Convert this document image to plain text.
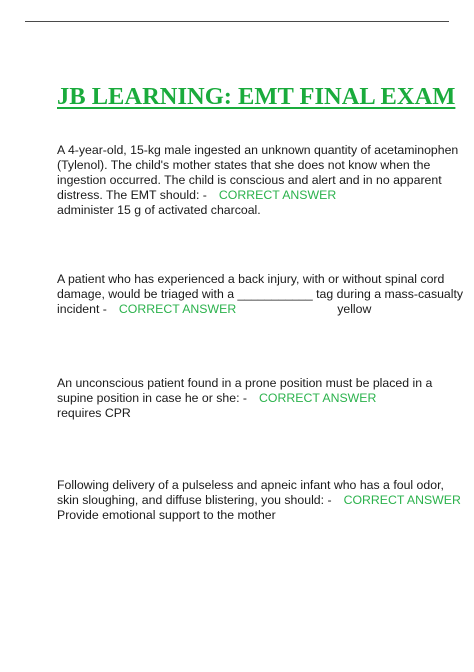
JB LEARNING: EMT FINAL EXAM
A 4-year-old, 15-kg male ingested an unknown quantity of acetaminophen
(Tylenol). The child's mother states that she does not know when the
ingestion occurred. The child is conscious and alert and in no apparent
distress. The EMT should: - CORRECT ANSWER
administer 15 g of activated charcoal.
A patient who has experienced a back injury, with or without spinal cord
damage, would be triaged with a ___________ tag during a mass-casualty
incident - CORRECT ANSWER	yellow
An unconscious patient found in a prone position must be placed in a
supine position in case he or she: - CORRECT ANSWER
requires CPR
Following delivery of a pulseless and apneic infant who has a foul odor,
skin sloughing, and diffuse blistering, you should: - CORRECT ANSWER
Provide emotional support to the mother
